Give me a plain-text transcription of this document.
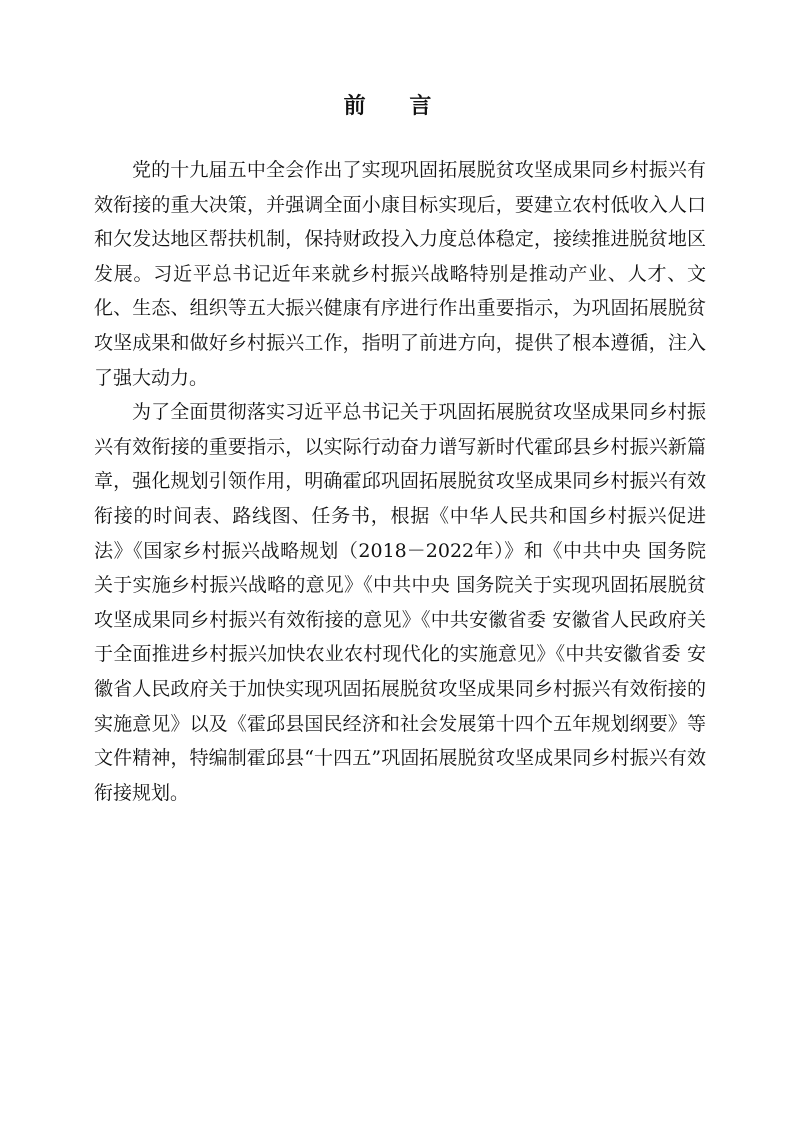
前 言

党的十九届五中全会作出了实现巩固拓展脱贫攻坚成果同乡村振兴有效衔接的重大决策，并强调全面小康目标实现后，要建立农村低收入人口和欠发达地区帮扶机制，保持财政投入力度总体稳定，接续推进脱贫地区发展。习近平总书记近年来就乡村振兴战略特别是推动产业、人才、文化、生态、组织等五大振兴健康有序进行作出重要指示，为巩固拓展脱贫攻坚成果和做好乡村振兴工作，指明了前进方向，提供了根本遵循，注入了强大动力。

为了全面贯彻落实习近平总书记关于巩固拓展脱贫攻坚成果同乡村振兴有效衔接的重要指示，以实际行动奋力谱写新时代霍邱县乡村振兴新篇章，强化规划引领作用，明确霍邱巩固拓展脱贫攻坚成果同乡村振兴有效衔接的时间表、路线图、任务书，根据《中华人民共和国乡村振兴促进法》《国家乡村振兴战略规划（2018－2022年）》和《中共中央 国务院关于实施乡村振兴战略的意见》《中共中央 国务院关于实现巩固拓展脱贫攻坚成果同乡村振兴有效衔接的意见》《中共安徽省委 安徽省人民政府关于全面推进乡村振兴加快农业农村现代化的实施意见》《中共安徽省委 安徽省人民政府关于加快实现巩固拓展脱贫攻坚成果同乡村振兴有效衔接的实施意见》以及《霍邱县国民经济和社会发展第十四个五年规划纲要》等文件精神，特编制霍邱县“十四五”巩固拓展脱贫攻坚成果同乡村振兴有效衔接规划。
